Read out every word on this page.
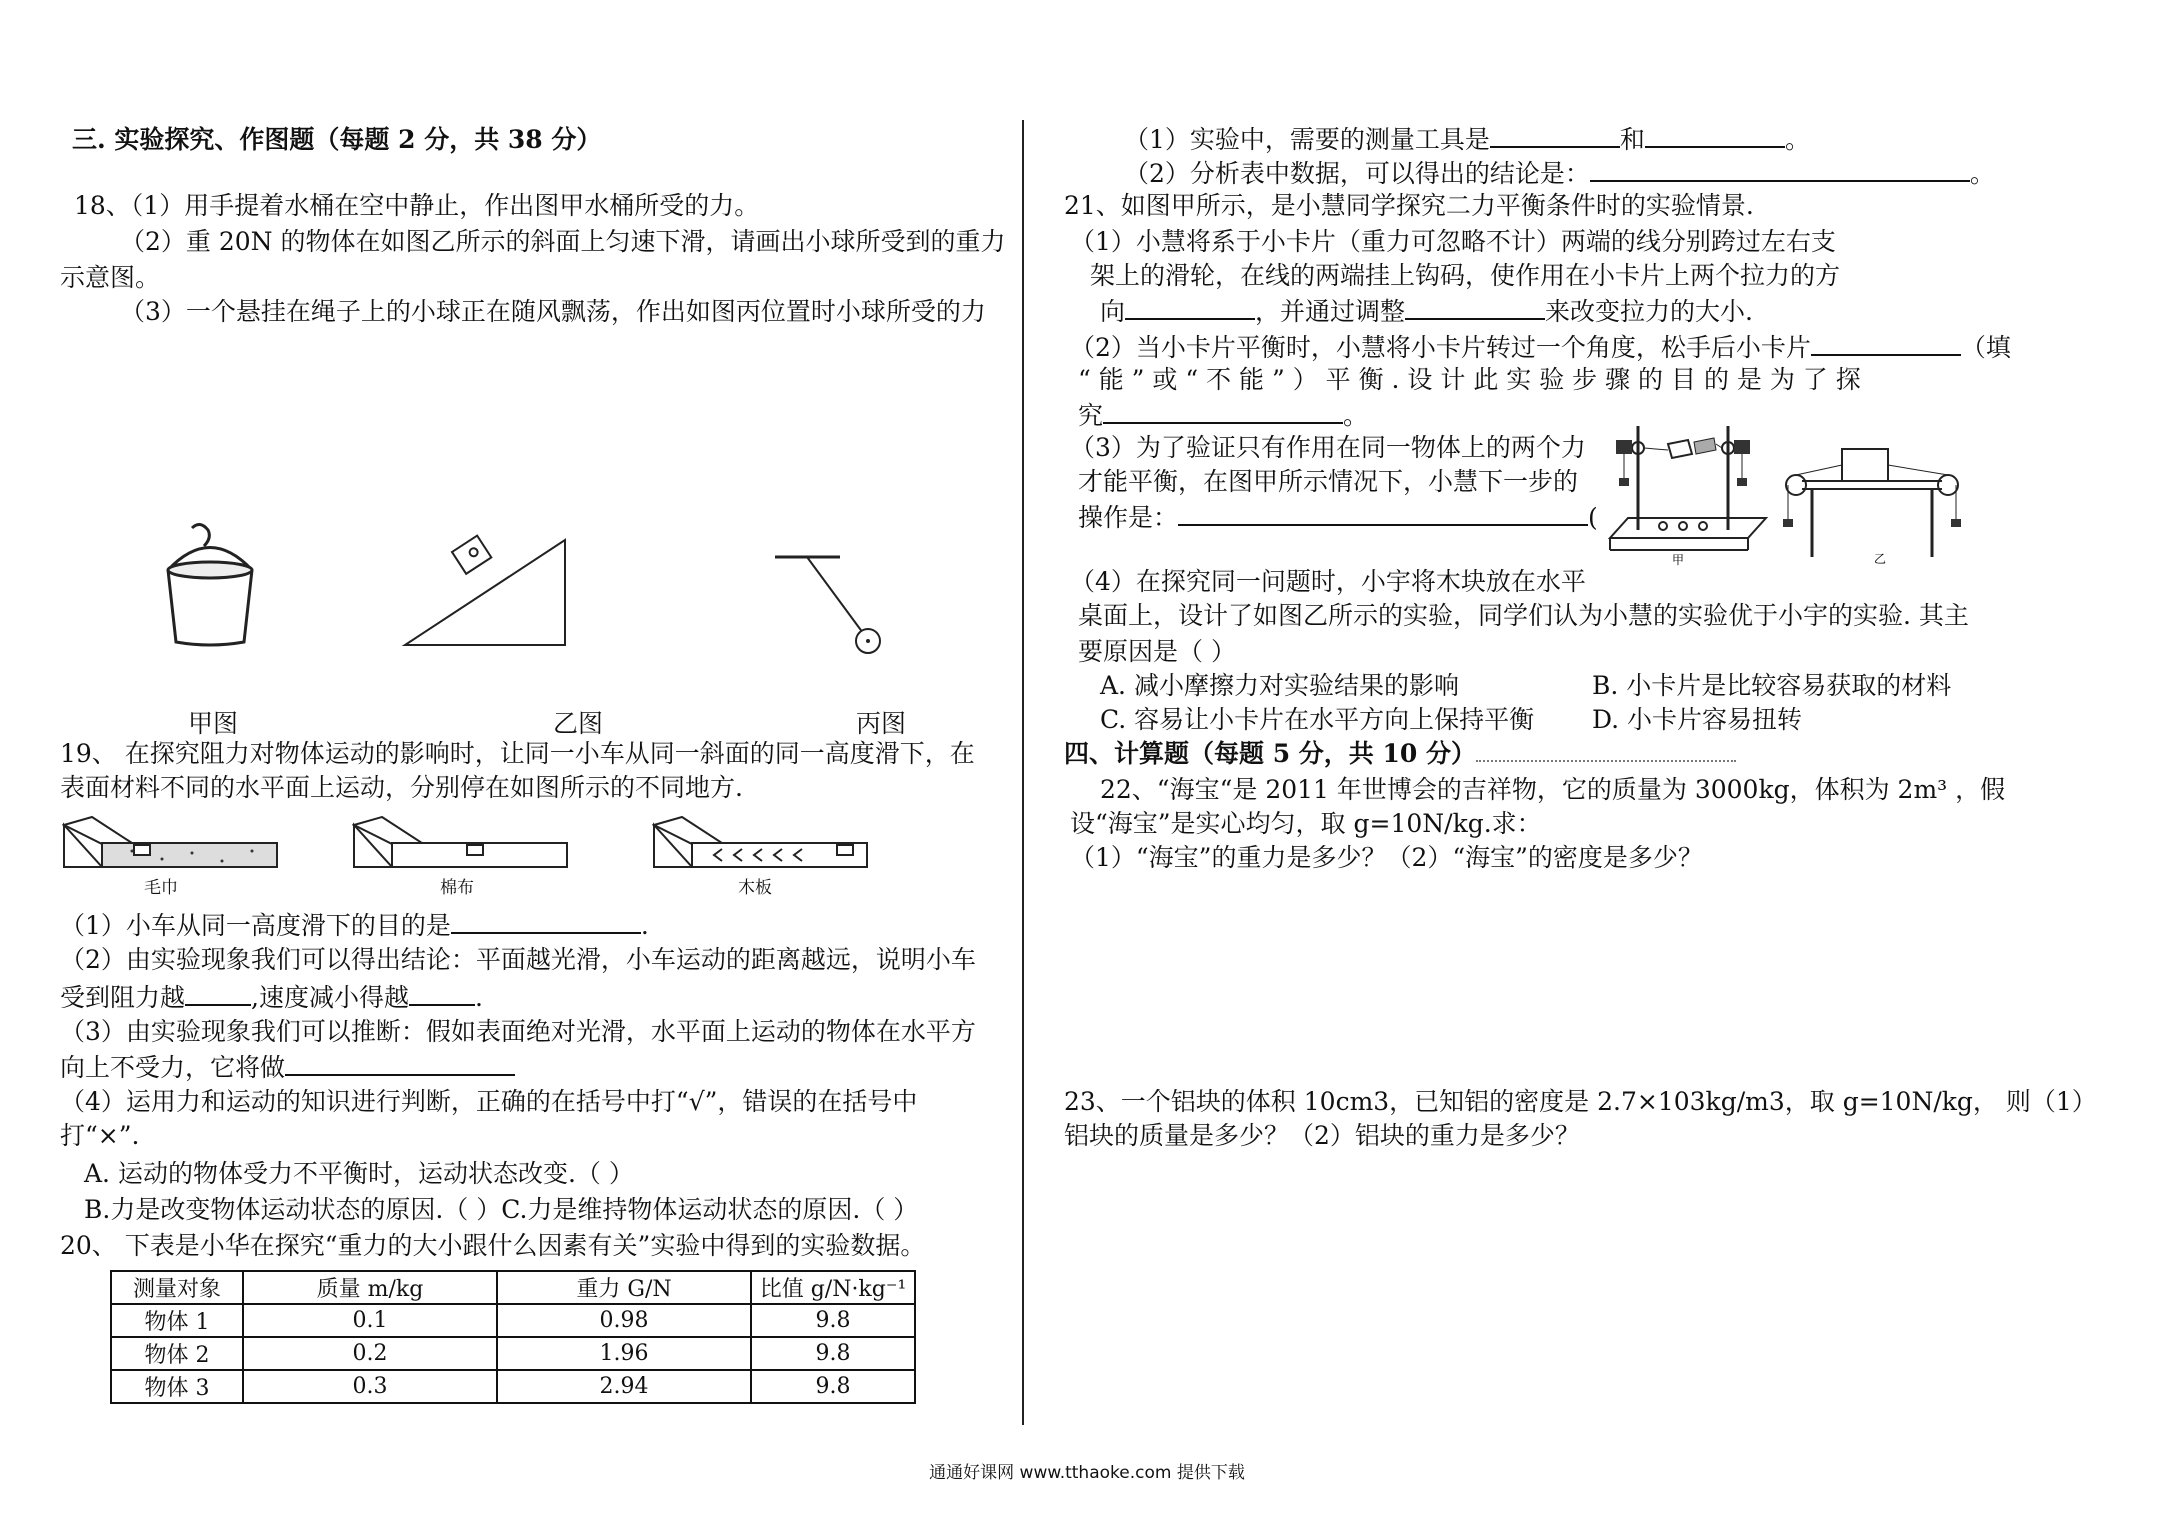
三. 实验探究、作图题（每题 2 分，共 38 分）
18、（1）用手提着水桶在空中静止，作出图甲水桶所受的力。
（2）重 20N 的物体在如图乙所示的斜面上匀速下滑，请画出小球所受到的重力
示意图。
（3）一个悬挂在绳子上的小球正在随风飘荡，作出如图丙位置时小球所受的力
甲图	乙图	丙图
19、 在探究阻力对物体运动的影响时，让同一小车从同一斜面的同一高度滑下，在
表面材料不同的水平面上运动，分别停在如图所示的不同地方.
毛巾	棉布	木板
（1）小车从同一高度滑下的目的是	.
（2）由实验现象我们可以得出结论：平面越光滑，小车运动的距离越远，说明小车
受到阻力越	,速度减小得越	.
（3）由实验现象我们可以推断：假如表面绝对光滑，水平面上运动的物体在水平方
向上不受力，它将做
（4）运用力和运动的知识进行判断，正确的在括号中打“√”，错误的在括号中
打“×”.
A. 运动的物体受力不平衡时，运动状态改变.（ ）
B.力是改变物体运动状态的原因.（ ）C.力是维持物体运动状态的原因.（ ）
20、 下表是小华在探究“重力的大小跟什么因素有关”实验中得到的实验数据。
测量对象	质量 m/kg	重力 G/N	比值 g/N·kg⁻¹
物体 1	0.1	0.98	9.8
物体 2	0.2	1.96	9.8
物体 3	0.3	2.94	9.8
（1）实验中，需要的测量工具是	和	。
（2）分析表中数据，可以得出的结论是：	。
21、如图甲所示，是小慧同学探究二力平衡条件时的实验情景.
（1）小慧将系于小卡片（重力可忽略不计）两端的线分别跨过左右支
架上的滑轮，在线的两端挂上钩码，使作用在小卡片上两个拉力的方
向	，并通过调整	来改变拉力的大小.
（2）当小卡片平衡时，小慧将小卡片转过一个角度，松手后小卡片	（填
“ 能 ” 或 “ 不 能 ” ） 平 衡 . 设 计 此 实 验 步 骤 的 目 的 是 为 了 探
究	。
（3）为了验证只有作用在同一物体上的两个力
才能平衡，在图甲所示情况下，小慧下一步的
操作是：	(
甲	乙
（4）在探究同一问题时，小宇将木块放在水平
桌面上，设计了如图乙所示的实验，同学们认为小慧的实验优于小宇的实验. 其主
要原因是（ ）
A. 减小摩擦力对实验结果的影响	B. 小卡片是比较容易获取的材料
C. 容易让小卡片在水平方向上保持平衡 D. 小卡片容易扭转
四、计算题（每题 5 分，共 10 分）
22、“海宝“是 2011 年世博会的吉祥物，它的质量为 3000kg，体积为 2m³ ，假
设“海宝”是实心均匀，取 g=10N/kg.求：
（1）“海宝”的重力是多少？（2）“海宝”的密度是多少？
23、一个铝块的体积 10cm3，已知铝的密度是 2.7×103kg/m3，取 g=10N/kg， 则（1）
铝块的质量是多少？（2）铝块的重力是多少？
通通好课网 www.tthaoke.com 提供下载
